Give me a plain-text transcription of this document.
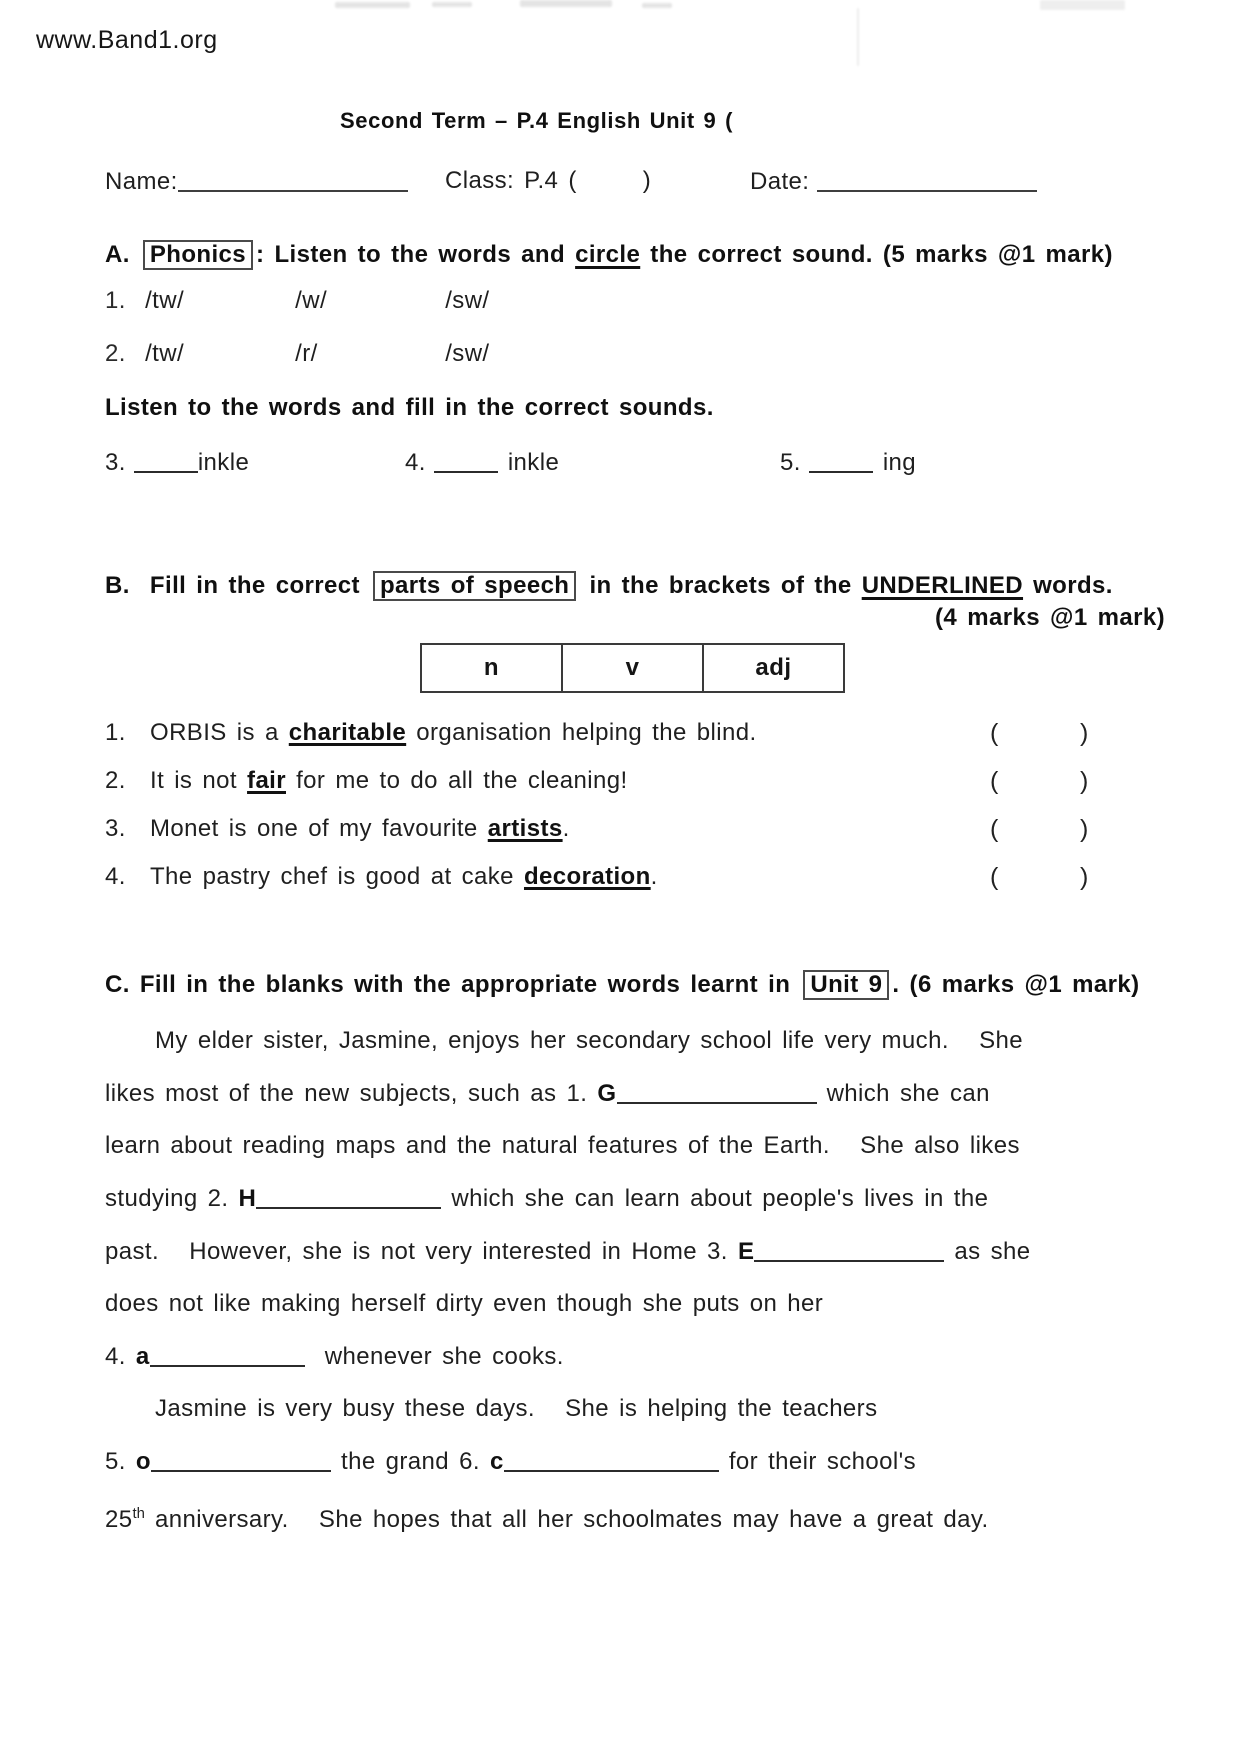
www.Band1.org
Second Term – P.4 English Unit 9 (
Name:	Class: P.4 (	)	Date:
A. Phonics : Listen to the words and circle the correct sound. (5 marks @1 mark)
1. /tw/	/w/	/sw/
2. /tw/	/r/	/sw/
Listen to the words and fill in the correct sounds.
3.	inkle	4.	inkle	5.	ing
B.  Fill in the correct parts of speech in the brackets of the UNDERLINED words.
(4 marks @1 mark)
n	v	adj
1. ORBIS is a charitable organisation helping the blind.	(	)
2. It is not fair for me to do all the cleaning!	(	)
3. Monet is one of my favourite artists.	(	)
4. The pastry chef is good at cake decoration.	(	)
C. Fill in the blanks with the appropriate words learnt in Unit 9 . (6 marks @1 mark)
My elder sister, Jasmine, enjoys her secondary school life very much.   She
likes most of the new subjects, such as 1. G	which she can
learn about reading maps and the natural features of the Earth.   She also likes
studying 2. H	which she can learn about people's lives in the
past.   However, she is not very interested in Home 3. E	as she
does not like making herself dirty even though she puts on her
4. a	whenever she cooks.
Jasmine is very busy these days.   She is helping the teachers
5. o	the grand 6. c	for their school's
25th anniversary.   She hopes that all her schoolmates may have a great day.
